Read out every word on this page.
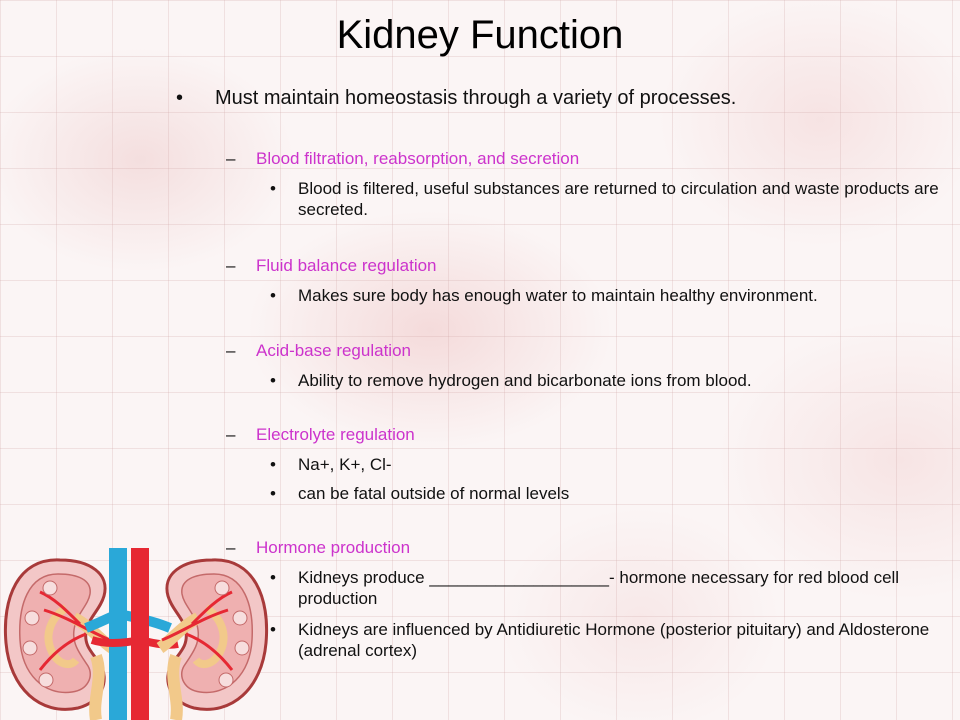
Kidney Function
• Must maintain homeostasis through a variety of processes.
– Blood filtration, reabsorption, and secretion
• Blood is filtered, useful substances are returned to circulation and waste products are secreted.
– Fluid balance regulation
• Makes sure body has enough water to maintain healthy environment.
– Acid-base regulation
• Ability to remove hydrogen and bicarbonate ions from blood.
– Electrolyte regulation
• Na+, K+, Cl-
• can be fatal outside of normal levels
– Hormone production
• Kidneys produce ___________________- hormone necessary for red blood cell production
• Kidneys are influenced by Antidiuretic Hormone (posterior pituitary) and Aldosterone (adrenal cortex)
